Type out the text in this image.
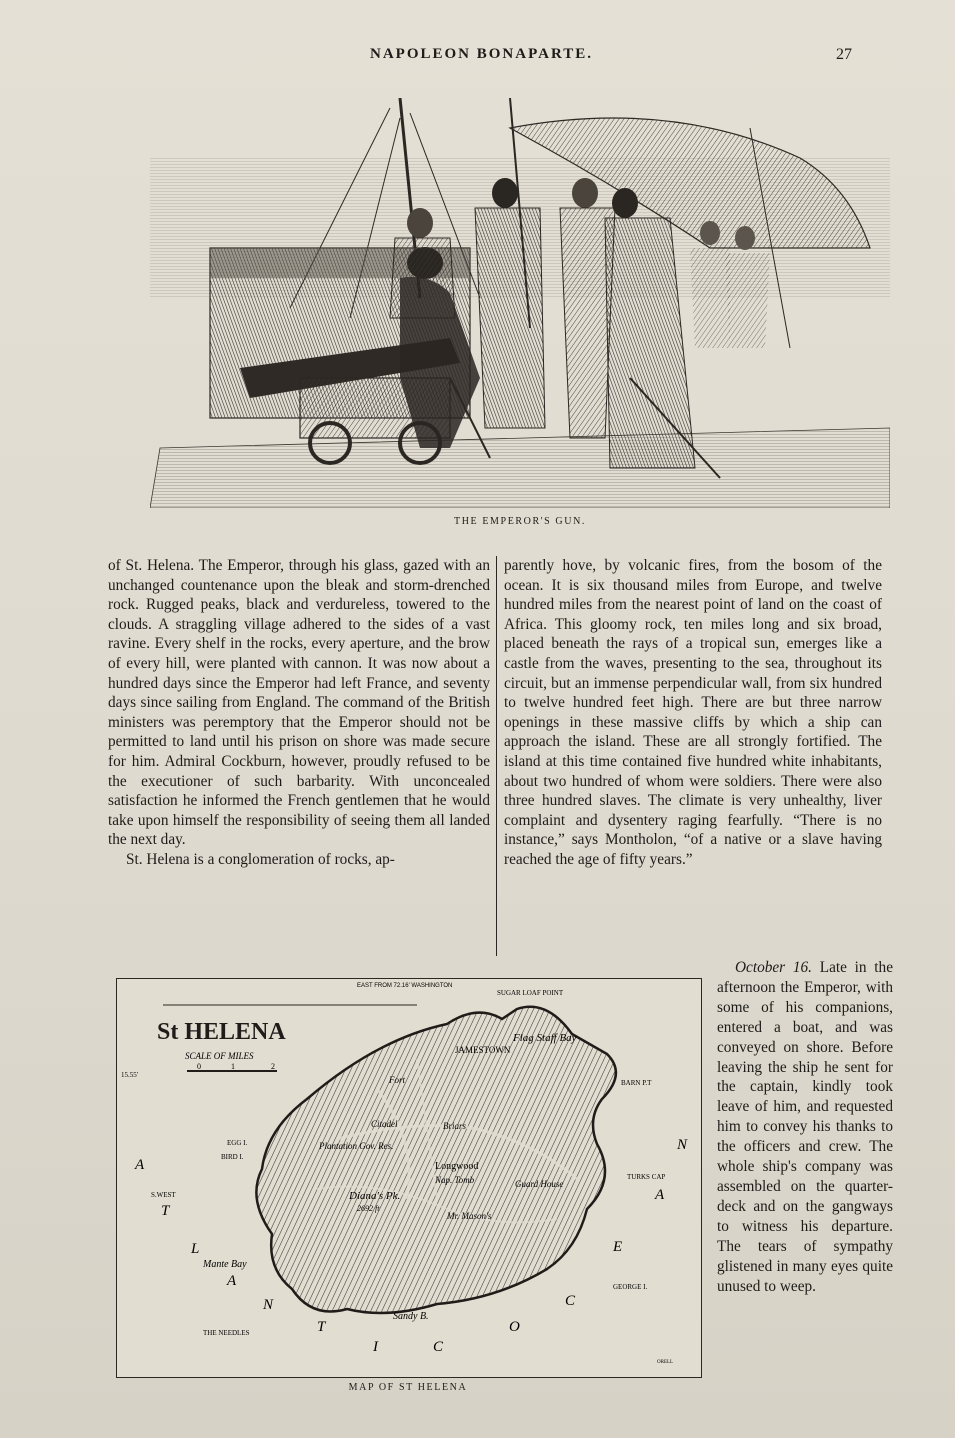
NAPOLEON BONAPARTE.	27
THE EMPEROR'S GUN.

of St. Helena. The Emperor, through his glass, gazed with an unchanged countenance upon the bleak and storm-drenched rock. Rugged peaks, black and verdureless, towered to the clouds. A straggling village adhered to the sides of a vast ravine. Every shelf in the rocks, every aperture, and the brow of every hill, were planted with cannon. It was now about a hundred days since the Emperor had left France, and seventy days since sailing from England. The command of the British ministers was peremptory that the Emperor should not be permitted to land until his prison on shore was made secure for him. Admiral Cockburn, however, proudly refused to be the executioner of such barbarity. With unconcealed satisfaction he informed the French gentlemen that he would take upon himself the responsibility of seeing them all landed the next day.

St. Helena is a conglomeration of rocks, ap-

parently hove, by volcanic fires, from the bosom of the ocean. It is six thousand miles from Europe, and twelve hundred miles from the nearest point of land on the coast of Africa. This gloomy rock, ten miles long and six broad, placed beneath the rays of a tropical sun, emerges like a castle from the waves, presenting to the sea, throughout its circuit, but an immense perpendicular wall, from six hundred to twelve hundred feet high. There are but three narrow openings in these massive cliffs by which a ship can approach the island. These are all strongly fortified. The island at this time contained five hundred white inhabitants, about two hundred of whom were soldiers. There were also three hundred slaves. The climate is very unhealthy, liver complaint and dysentery raging fearfully. “There is no instance,” says Montholon, “of a native or a slave having reached the age of fifty years.”

October 16. Late in the afternoon the Emperor, with some of his companions, entered a boat, and was conveyed on shore. Before leaving the ship he sent for the captain, kindly took leave of him, and requested him to convey his thanks to the officers and crew. The whole ship's company was assembled on the quarter-deck and on the gangways to witness his departure. The tears of sympathy glistened in many eyes quite unused to weep.

St HELENA
SCALE OF MILES
0	1	2
EAST FROM 72.16' WASHINGTON
15.55'
SUGAR LOAF POINT
Flag Staff Bay
JAMESTOWN
Fort
Citadel	Briars
Plantation Gov. Res.
Longwood
Nap. Tomb	Guard House
Diana's Pk.
2692 ft
Mr. Mason's
Mante Bay
Sandy B.
THE NEEDLES
EGG I.
BIRD I.
S.WEST
GEORGE I.
BARN P.T
TURKS CAP
ORELL
A
T
L
A
N
T
I	C
O
C
E
A
N
MAP OF ST HELENA
